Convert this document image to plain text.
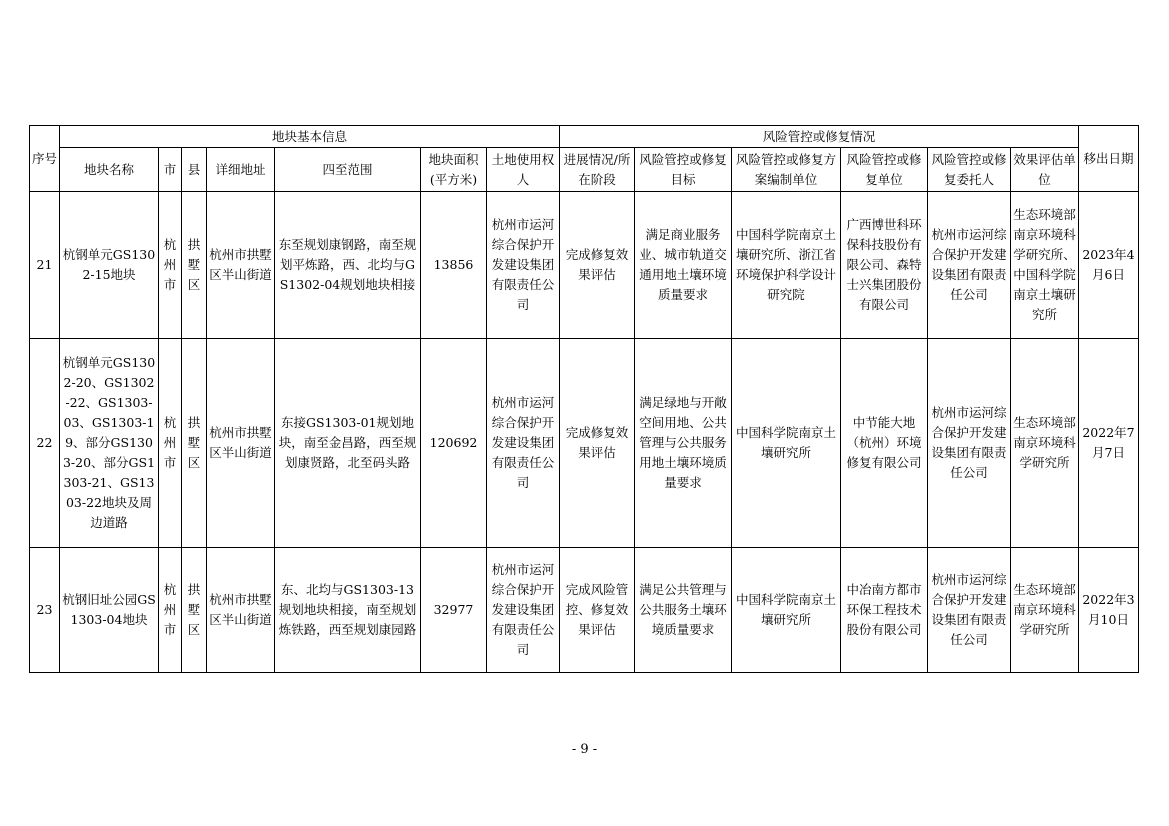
序号	地块基本信息							风险管控或修复情况						移出日期
	地块名称	市	县	详细地址	四至范围	地块面积(平方米)	土地使用权人	进展情况/所在阶段	风险管控或修复目标	风险管控或修复方案编制单位	风险管控或修复单位	风险管控或修复委托人	效果评估单位	
21	杭钢单元GS1302-15地块	杭州市	拱墅区	杭州市拱墅区半山街道	东至规划康钢路，南至规划平炼路，西、北均与GS1302-04规划地块相接	13856	杭州市运河综合保护开发建设集团有限责任公司	完成修复效果评估	满足商业服务业、城市轨道交通用地土壤环境质量要求	中国科学院南京土壤研究所、浙江省环境保护科学设计研究院	广西博世科环保科技股份有限公司、森特士兴集团股份有限公司	杭州市运河综合保护开发建设集团有限责任公司	生态环境部南京环境科学研究所、中国科学院南京土壤研究所	2023年4月6日
22	杭钢单元GS1302-20、GS1302-22、GS1303-03、GS1303-19、部分GS1303-20、部分GS1303-21、GS1303-22地块及周边道路	杭州市	拱墅区	杭州市拱墅区半山街道	东接GS1303-01规划地块，南至金昌路，西至规划康贤路，北至码头路	120692	杭州市运河综合保护开发建设集团有限责任公司	完成修复效果评估	满足绿地与开敞空间用地、公共管理与公共服务用地土壤环境质量要求	中国科学院南京土壤研究所	中节能大地（杭州）环境修复有限公司	杭州市运河综合保护开发建设集团有限责任公司	生态环境部南京环境科学研究所	2022年7月7日
23	杭钢旧址公园GS1303-04地块	杭州市	拱墅区	杭州市拱墅区半山街道	东、北均与GS1303-13规划地块相接，南至规划炼铁路，西至规划康园路	32977	杭州市运河综合保护开发建设集团有限责任公司	完成风险管控、修复效果评估	满足公共管理与公共服务土壤环境质量要求	中国科学院南京土壤研究所	中冶南方都市环保工程技术股份有限公司	杭州市运河综合保护开发建设集团有限责任公司	生态环境部南京环境科学研究所	2022年3月10日
- 9 -
